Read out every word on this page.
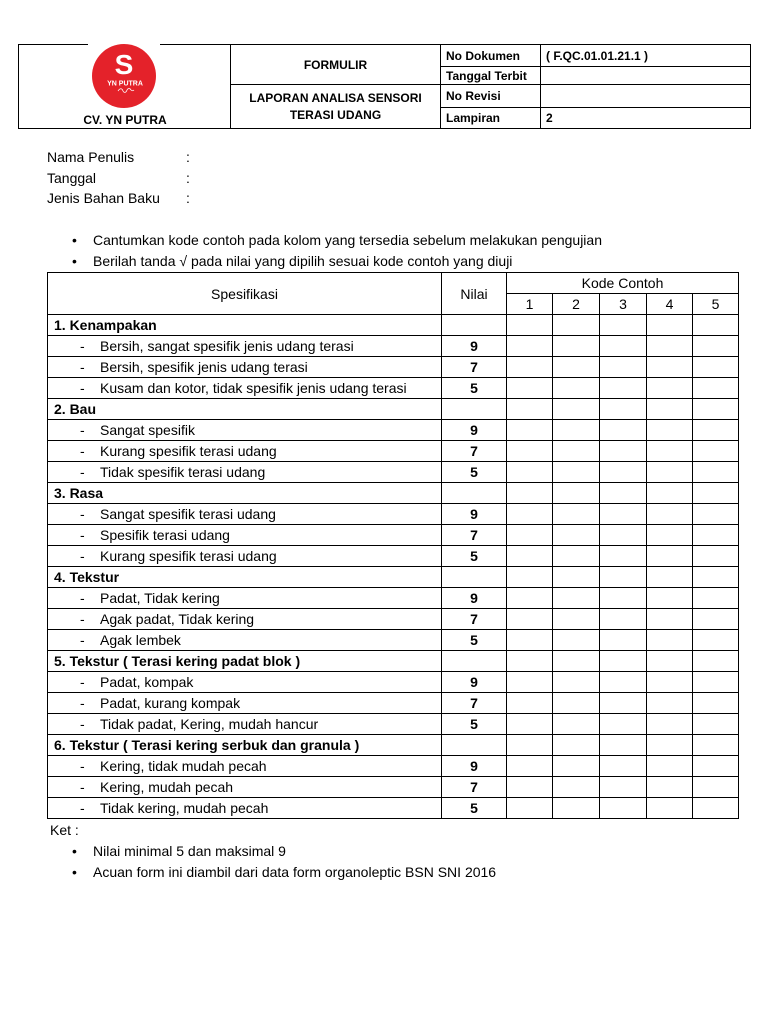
CV. YN PUTRA
FORMULIR
LAPORAN ANALISA SENSORI
TERASI UDANG
No Dokumen ( F.QC.01.01.21.1 )
Tanggal Terbit
No Revisi
Lampiran	2
S
YN PUTRA
Nama Penulis	:
Tanggal	:
Jenis Bahan Baku :
• Cantumkan kode contoh pada kolom yang tersedia sebelum melakukan pengujian
• Berilah tanda √ pada nilai yang dipilih sesuai kode contoh yang diuji
Spesifikasi	Nilai
Kode Contoh
1	2	3	4	5
1. Kenampakan
- Bersih, sangat spesifik jenis udang terasi	9
- Bersih, spesifik jenis udang terasi	7
- Kusam dan kotor, tidak spesifik jenis udang terasi	5
2. Bau
- Sangat spesifik	9
- Kurang spesifik terasi udang	7
- Tidak spesifik terasi udang	5
3. Rasa
- Sangat spesifik terasi udang	9
- Spesifik terasi udang	7
- Kurang spesifik terasi udang	5
4. Tekstur
- Padat, Tidak kering	9
- Agak padat, Tidak kering	7
- Agak lembek	5
5. Tekstur ( Terasi kering padat blok )
- Padat, kompak	9
- Padat, kurang kompak	7
- Tidak padat, Kering, mudah hancur	5
6. Tekstur ( Terasi kering serbuk dan granula )
- Kering, tidak mudah pecah	9
- Kering, mudah pecah	7
- Tidak kering, mudah pecah	5
Ket :
• Nilai minimal 5 dan maksimal 9
• Acuan form ini diambil dari data form organoleptic BSN SNI 2016
